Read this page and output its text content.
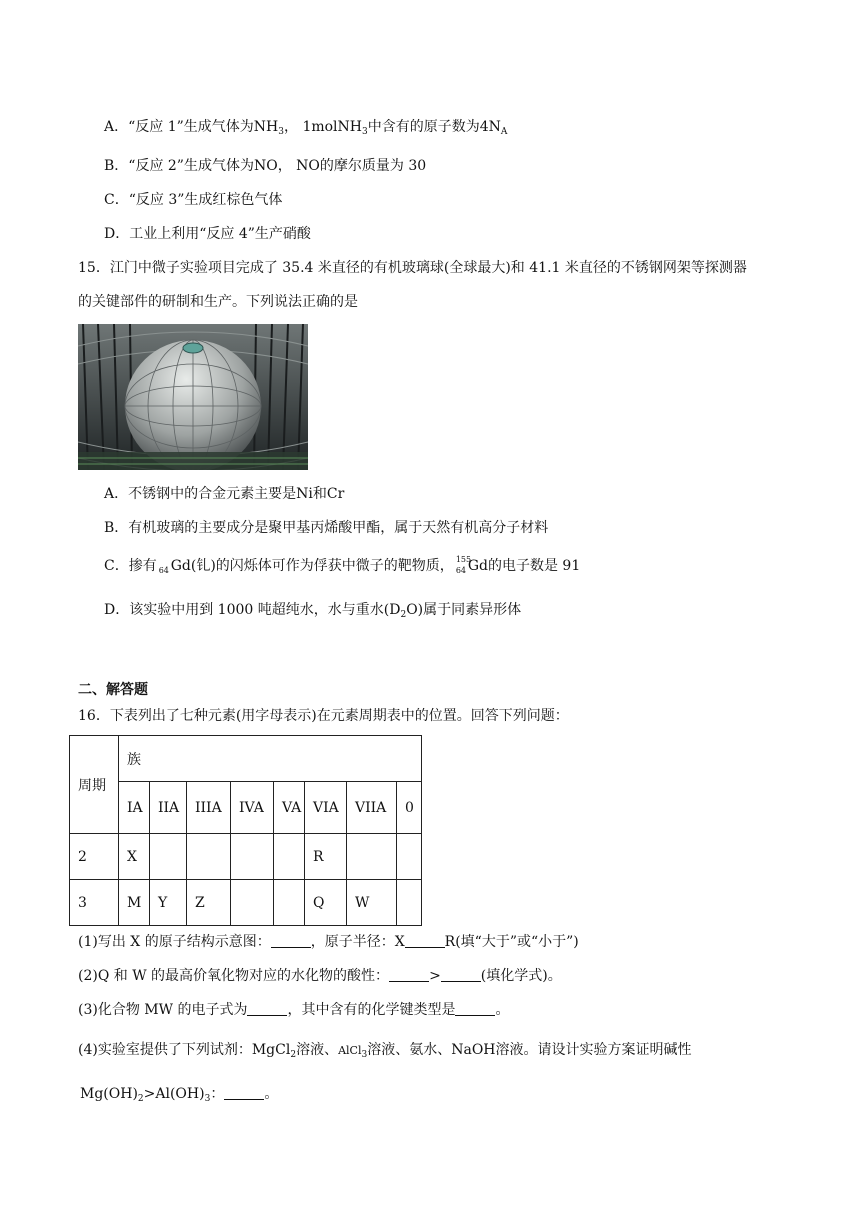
A．“反应 1”生成气体为$NH_3$， 1molNH$_3$中含有的原子数为$4N_A$
B．“反应 2”生成气体为NO， NO的摩尔质量为 30
C．“反应 3”生成红棕色气体
D．工业上利用“反应 4”生产硝酸
15．江门中微子实验项目完成了 35.4 米直径的有机玻璃球(全球最大)和 41.1 米直径的不锈钢网架等探测器
的关键部件的研制和生产。下列说法正确的是
A．不锈钢中的合金元素主要是Ni和Cr
B．有机玻璃的主要成分是聚甲基丙烯酸甲酯，属于天然有机高分子材料
C．掺有 64 Gd(钆)的闪烁体可作为俘获中微子的靶物质， 155
64 Gd的电子数是 91
D．该实验中用到 1000 吨超纯水，水与重水$(D_2O)$属于同素异形体
二、解答题
16．下表列出了七种元素(用字母表示)在元素周期表中的位置。回答下列问题：
周期	族							
	IA	IIA	IIIA	IVA	VA	VIA	VIIA	0
2	X					R		
3	M	Y	Z			Q	W	
(1)写出 X 的原子结构示意图：	，原子半径：X	R(填“大于”或“小于”)
(2)Q 和 W 的最高价氧化物对应的水化物的酸性：	>	(填化学式)。
(3)化合物 MW 的电子式为	，其中含有的化学键类型是	。
(4)实验室提供了下列试剂：MgCl$_2$溶液、AlCl$_3$溶液、氨水、NaOH溶液。请设计实验方案证明碱性
$Mg(OH)_2>Al(OH)_3$：	。
